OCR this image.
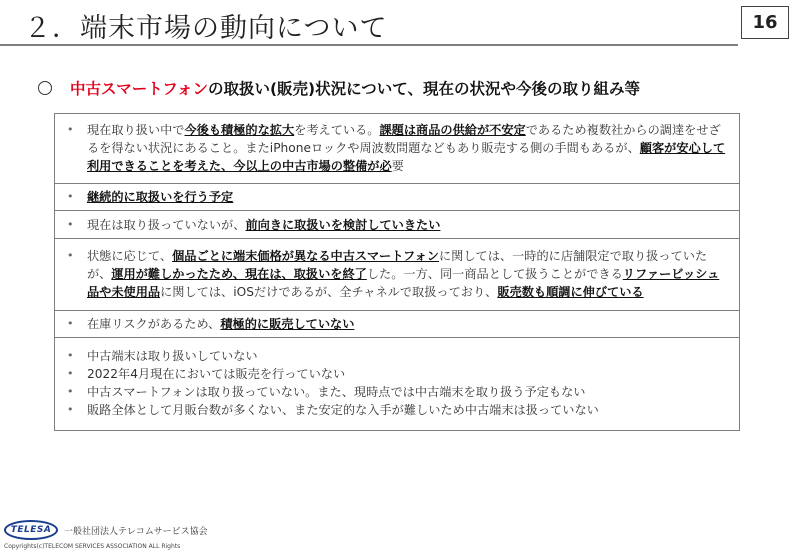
２．端末市場の動向について	16
中古スマートフォン の取扱い(販売)状況について、現在の状況や今後の取り組み等
• 現在取り扱い中で今後も積極的な拡大を考えている。課題は商品の供給が不安定であるため複数社からの調達をせざるを得ない状況にあること。またiPhoneロックや周波数問題などもあり販売する側の手間もあるが、顧客が安心して利用できることを考えた、今以上の中古市場の整備が必要
• 継続的に取扱いを行う予定
• 現在は取り扱っていないが、前向きに取扱いを検討していきたい
• 状態に応じて、個品ごとに端末価格が異なる中古スマートフォンに関しては、一時的に店舗限定で取り扱っていたが、運用が難しかったため、現在は、取扱いを終了した。一方、同一商品として扱うことができるリファービッシュ品や未使用品に関しては、iOSだけであるが、全チャネルで取扱っており、販売数も順調に伸びている
• 在庫リスクがあるため、積極的に販売していない
• 中古端末は取り扱いしていない
• 2022年4月現在においては販売を行っていない
• 中古スマートフォンは取り扱っていない。また、現時点では中古端末を取り扱う予定もない
• 販路全体として月販台数が多くない、また安定的な入手が難しいため中古端末は扱っていない
TELESA	一般社団法人テレコムサービス協会
Copyrights(c)TELECOM SERVICES ASSOCIATION ALL Rights
